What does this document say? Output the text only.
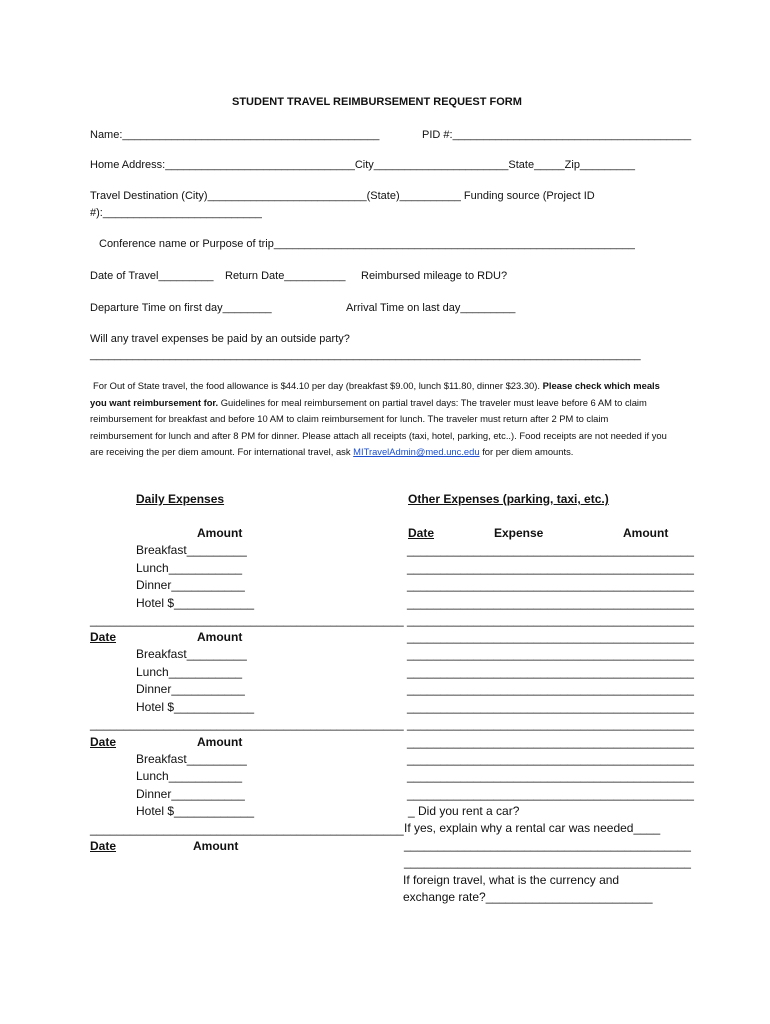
STUDENT TRAVEL REIMBURSEMENT REQUEST FORM
Name:__________________________________________	PID #:_______________________________________
Home Address:_______________________________City______________________State_____Zip_________
Travel Destination (City)__________________________(State)__________ Funding source (Project ID
#):__________________________
Conference name or Purpose of trip___________________________________________________________
Date of Travel_________ Return Date__________ Reimbursed mileage to RDU?
Departure Time on first day________	Arrival Time on last day_________
Will any travel expenses be paid by an outside party?
__________________________________________________________________________________________
For Out of State travel, the food allowance is $44.10 per day (breakfast $9.00, lunch $11.80, dinner $23.30). Please check which meals you want reimbursement for. Guidelines for meal reimbursement on partial travel days: The traveler must leave before 6 AM to claim reimbursement for breakfast and before 10 AM to claim reimbursement for lunch. The traveler must return after 2 PM to claim reimbursement for lunch and after 8 PM for dinner. Please attach all receipts (taxi, hotel, parking, etc..). Food receipts are not needed if you are receiving the per diem amount. For international travel, ask MITravelAdmin@med.unc.edu for per diem amounts.
Daily Expenses
Amount
Breakfast_________
Lunch___________
Dinner___________
Hotel $____________
_______________________________________________
Date	Amount
Breakfast_________
Lunch___________
Dinner___________
Hotel $____________
_______________________________________________
Date	Amount
Breakfast_________
Lunch___________
Dinner___________
Hotel $____________
_______________________________________________
Date	Amount
Other Expenses (parking, taxi, etc.)
Date	Expense	Amount
___________________________________________
___________________________________________
___________________________________________
___________________________________________
___________________________________________
___________________________________________
___________________________________________
___________________________________________
___________________________________________
___________________________________________
___________________________________________
___________________________________________
___________________________________________
___________________________________________
___________________________________________
_ Did you rent a car?
If yes, explain why a rental car was needed____
___________________________________________
___________________________________________
If foreign travel, what is the currency and
exchange rate?_________________________
